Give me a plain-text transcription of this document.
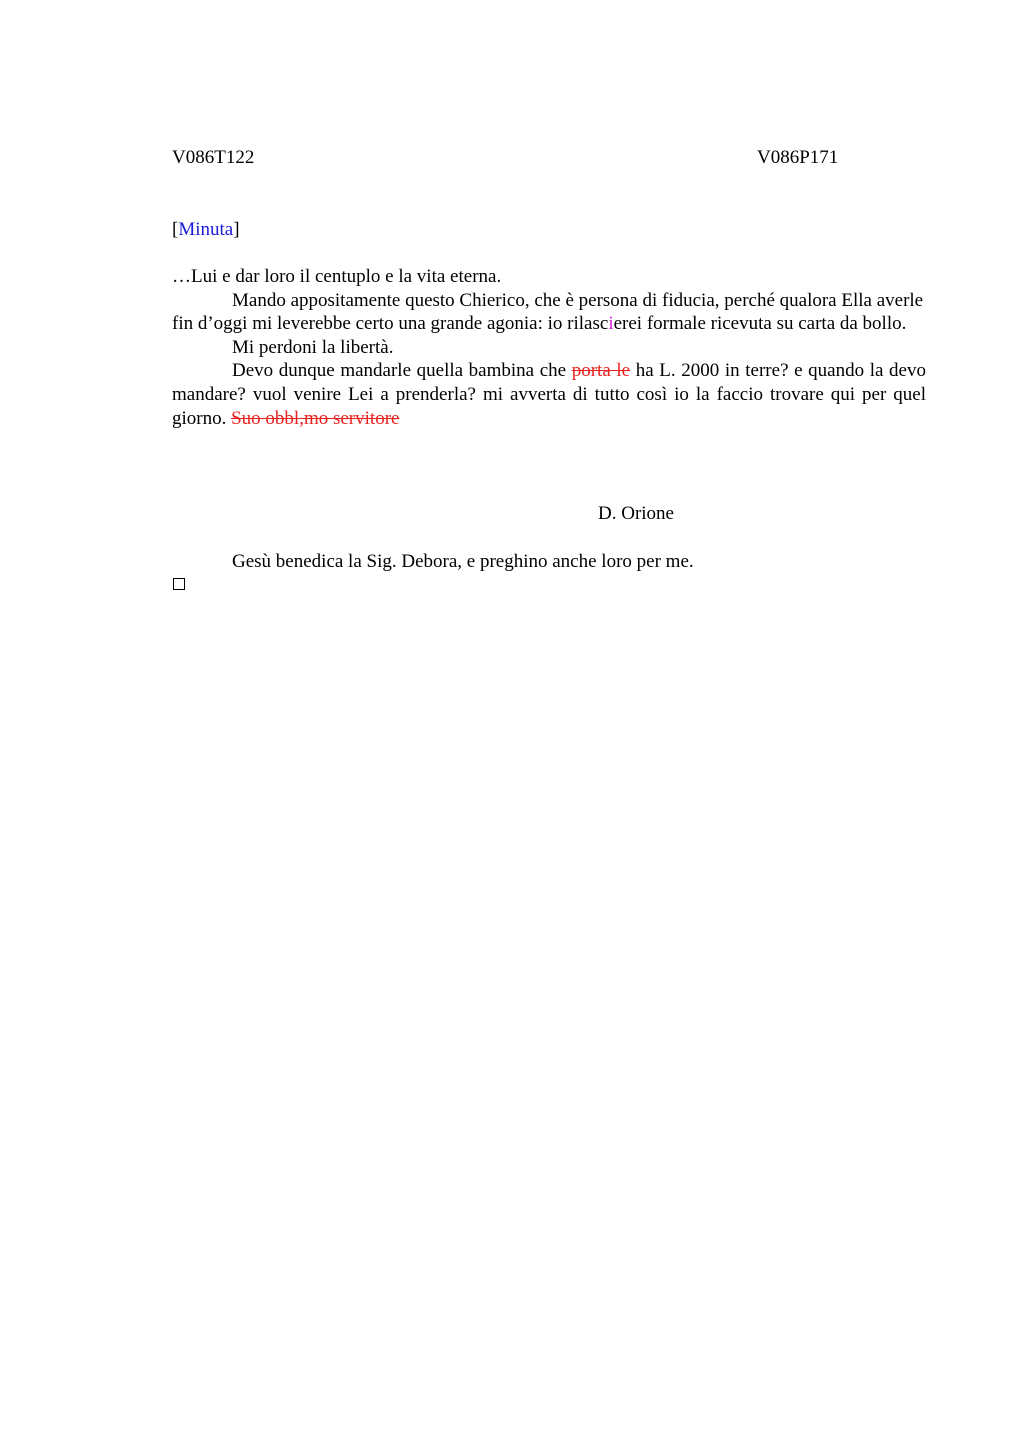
V086T122	V086P171
[Minuta]

…Lui e dar loro il centuplo e la vita eterna.

Mando appositamente questo Chierico, che è persona di fiducia, perché qualora Ella averle fin d’oggi mi leverebbe certo una grande agonia: io rilascierei formale ricevuta su carta da bollo.

Mi perdoni la libertà.

Devo dunque mandarle quella bambina che porta le ha L. 2000 in terre? e quando la devo mandare? vuol venire Lei a prenderla? mi avverta di tutto così io la faccio trovare qui per quel giorno. Suo obbl,mo servitore

D. Orione
Gesù benedica la Sig. Debora, e preghino anche loro per me.
